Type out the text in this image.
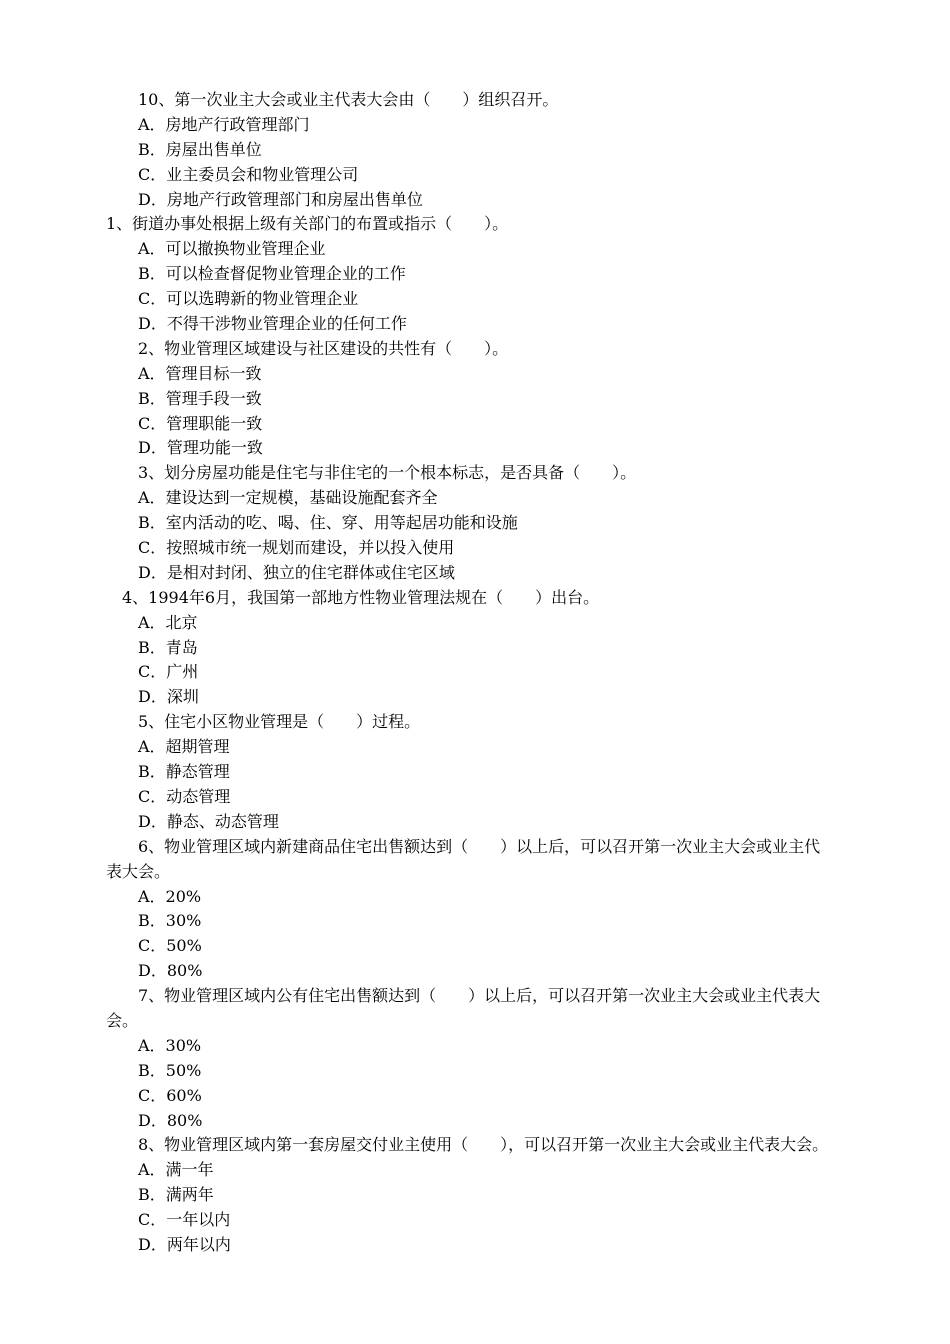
10、第一次业主大会或业主代表大会由（　　）组织召开。
A．房地产行政管理部门
B．房屋出售单位
C．业主委员会和物业管理公司
D．房地产行政管理部门和房屋出售单位
1、街道办事处根据上级有关部门的布置或指示（　　）。
A．可以撤换物业管理企业
B．可以检查督促物业管理企业的工作
C．可以选聘新的物业管理企业
D．不得干涉物业管理企业的任何工作
2、物业管理区域建设与社区建设的共性有（　　）。
A．管理目标一致
B．管理手段一致
C．管理职能一致
D．管理功能一致
3、划分房屋功能是住宅与非住宅的一个根本标志，是否具备（　　）。
A．建设达到一定规模，基础设施配套齐全
B．室内活动的吃、喝、住、穿、用等起居功能和设施
C．按照城市统一规划而建设，并以投入使用
D．是相对封闭、独立的住宅群体或住宅区域
4、1994年6月，我国第一部地方性物业管理法规在（　　）出台。
A．北京
B．青岛
C．广州
D．深圳
5、住宅小区物业管理是（　　）过程。
A．超期管理
B．静态管理
C．动态管理
D．静态、动态管理
6、物业管理区域内新建商品住宅出售额达到（　　）以上后，可以召开第一次业主大会或业主代
表大会。
A．20%
B．30%
C．50%
D．80%
7、物业管理区域内公有住宅出售额达到（　　）以上后，可以召开第一次业主大会或业主代表大
会。
A．30%
B．50%
C．60%
D．80%
8、物业管理区域内第一套房屋交付业主使用（　　），可以召开第一次业主大会或业主代表大会。
A．满一年
B．满两年
C．一年以内
D．两年以内
